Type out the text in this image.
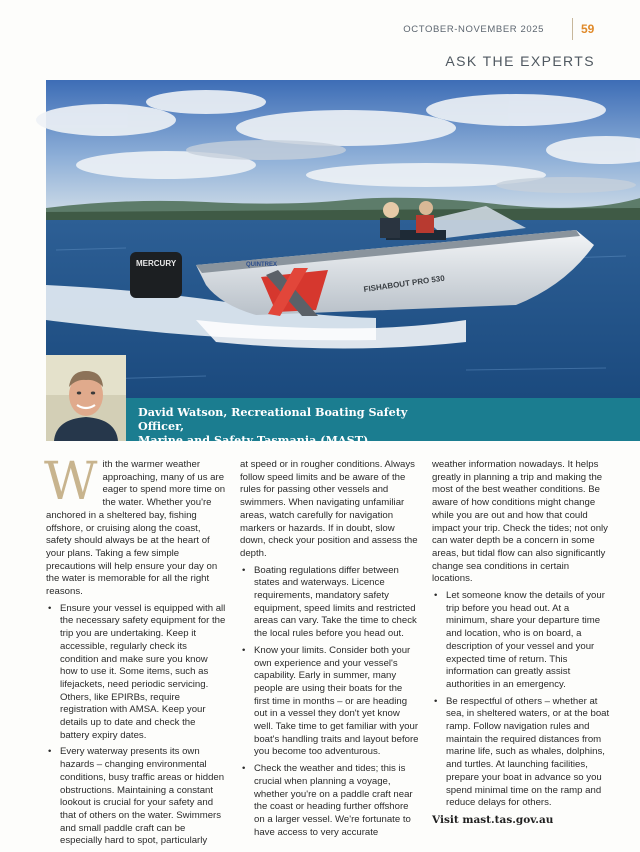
OCTOBER-NOVEMBER 2025	59
ASK THE EXPERTS
MERCURY	QUINTREX
FISHABOUT PRO 530
David Watson, Recreational Boating Safety Officer,
Marine and Safety Tasmania (MAST).

With the warmer weather approaching, many of us are eager to spend more time on the water. Whether you're anchored in a sheltered bay, fishing offshore, or cruising along the coast, safety should always be at the heart of your plans. Taking a few simple precautions will help ensure your day on the water is memorable for all the right reasons.

• Ensure your vessel is equipped with all the necessary safety equipment for the trip you are undertaking. Keep it accessible, regularly check its condition and make sure you know how to use it. Some items, such as lifejackets, need periodic servicing. Others, like EPIRBs, require registration with AMSA. Keep your details up to date and check the battery expiry dates.
• Every waterway presents its own hazards – changing environmental conditions, busy traffic areas or hidden obstructions. Maintaining a constant lookout is crucial for your safety and that of others on the water. Swimmers and small paddle craft can be especially hard to spot, particularly

at speed or in rougher conditions. Always follow speed limits and be aware of the rules for passing other vessels and swimmers. When navigating unfamiliar areas, watch carefully for navigation markers or hazards. If in doubt, slow down, check your position and assess the depth.

• Boating regulations differ between states and waterways. Licence requirements, mandatory safety equipment, speed limits and restricted areas can vary. Take the time to check the local rules before you head out.
• Know your limits. Consider both your own experience and your vessel's capability. Early in summer, many people are using their boats for the first time in months – or are heading out in a vessel they don't yet know well. Take time to get familiar with your boat's handling traits and layout before you become too adventurous.
• Check the weather and tides; this is crucial when planning a voyage, whether you're on a paddle craft near the coast or heading further offshore on a larger vessel. We're fortunate to have access to very accurate

weather information nowadays. It helps greatly in planning a trip and making the most of the best weather conditions. Be aware of how conditions might change while you are out and how that could impact your trip. Check the tides; not only can water depth be a concern in some areas, but tidal flow can also significantly change sea conditions in certain locations.

• Let someone know the details of your trip before you head out. At a minimum, share your departure time and location, who is on board, a description of your vessel and your expected time of return. This information can greatly assist authorities in an emergency.
• Be respectful of others – whether at sea, in sheltered waters, or at the boat ramp. Follow navigation rules and maintain the required distances from marine life, such as whales, dolphins, and turtles. At launching facilities, prepare your boat in advance so you spend minimal time on the ramp and reduce delays for others.

Visit mast.tas.gov.au
